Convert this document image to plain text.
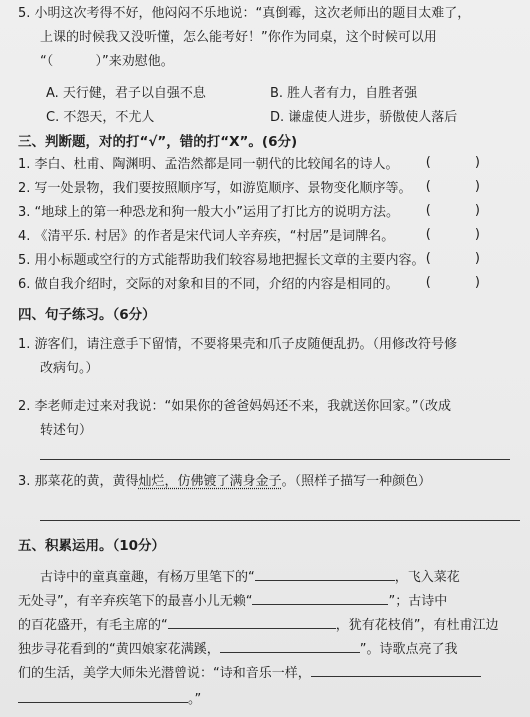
5. 小明这次考得不好，他闷闷不乐地说：“真倒霉，这次老师出的题目太难了，
上课的时候我又没听懂，怎么能考好！”你作为同桌，这个时候可以用
“（	）”来劝慰他。
A. 天行健，君子以自强不息	B. 胜人者有力，自胜者强
C. 不怨天，不尤人	D. 谦虚使人进步，骄傲使人落后
三、判断题，对的打“√”，错的打“X”。(6分)
1. 李白、杜甫、陶渊明、孟浩然都是同一朝代的比较闻名的诗人。 ( )
2. 写一处景物，我们要按照顺序写，如游览顺序、景物变化顺序等。 ( )
3. “地球上的第一种恐龙和狗一般大小”运用了打比方的说明方法。 ( )
4. 《清平乐. 村居》的作者是宋代词人辛弃疾，“村居”是词牌名。 ( )
5. 用小标题或空行的方式能帮助我们较容易地把握长文章的主要内容。 ( )
6. 做自我介绍时，交际的对象和目的不同，介绍的内容是相同的。 ( )
四、句子练习。（6分）
1. 游客们，请注意手下留情，不要将果壳和爪子皮随便乱扔。（用修改符号修
改病句。）
2. 李老师走过来对我说：“如果你的爸爸妈妈还不来，我就送你回家。”（改成
转述句）
3. 那菜花的黄，黄得灿烂，仿佛镀了满身金子。（照样子描写一种颜色）
五、积累运用。（10分）
古诗中的童真童趣，有杨万里笔下的“	，飞入菜花
无处寻”，有辛弃疾笔下的最喜小儿无赖“	”；古诗中
的百花盛开，有毛主席的“	，犹有花枝俏”，有杜甫江边
独步寻花看到的“黄四娘家花满蹊，	”。诗歌点亮了我
们的生活，美学大师朱光潜曾说：“诗和音乐一样，
。”
